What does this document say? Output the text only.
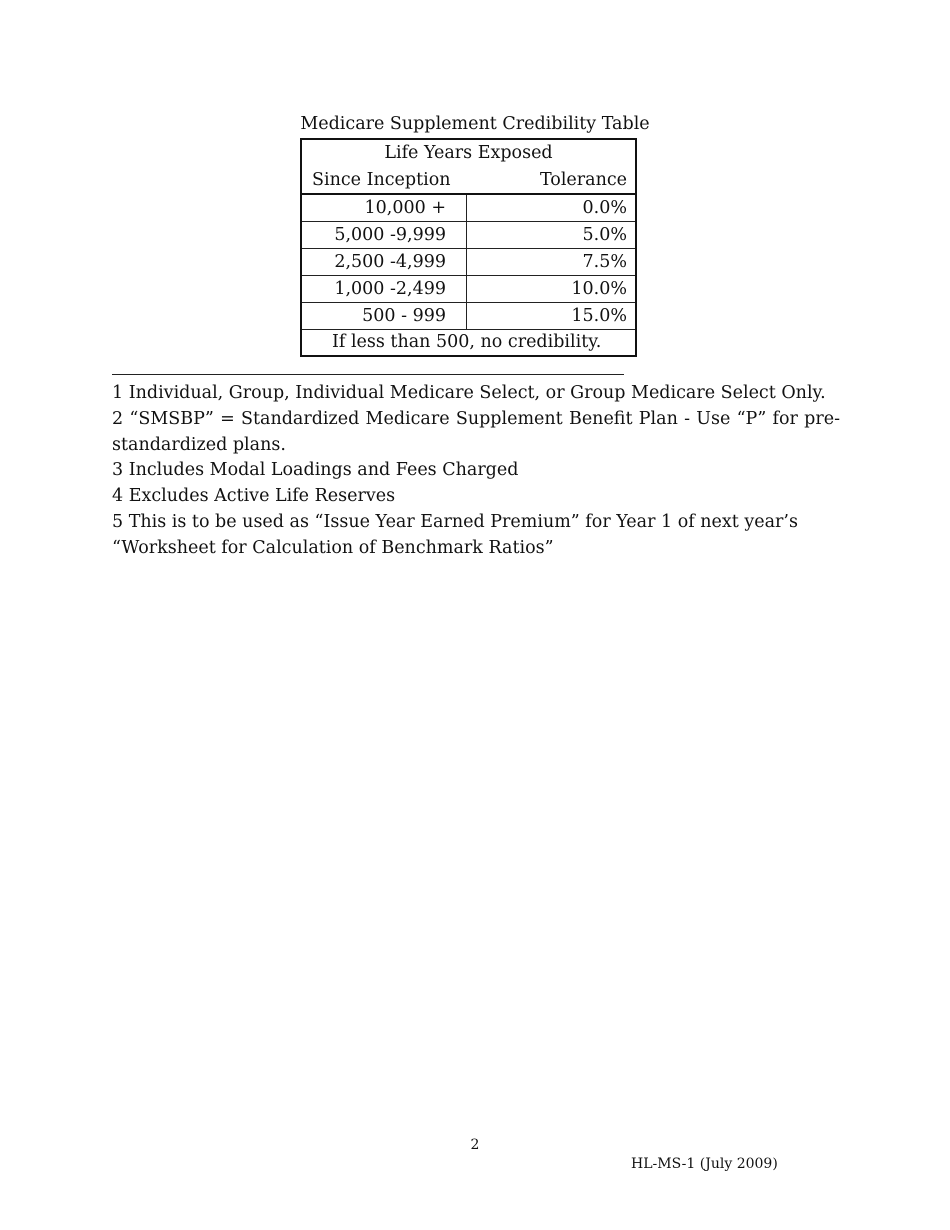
Medicare Supplement Credibility Table
Life Years Exposed
Since Inception	Tolerance
10,000 +	0.0%
5,000 -9,999	5.0%
2,500 -4,999	7.5%
1,000 -2,499	10.0%
500 - 999	15.0%
If less than 500, no credibility.

1 Individual, Group, Individual Medicare Select, or Group Medicare Select Only.

2 “SMSBP” = Standardized Medicare Supplement Benefit Plan - Use “P” for pre-standardized plans.

3 Includes Modal Loadings and Fees Charged

4 Excludes Active Life Reserves

5 This is to be used as “Issue Year Earned Premium” for Year 1 of next year’s “Worksheet for Calculation of Benchmark Ratios”

2
HL-MS-1 (July 2009)
